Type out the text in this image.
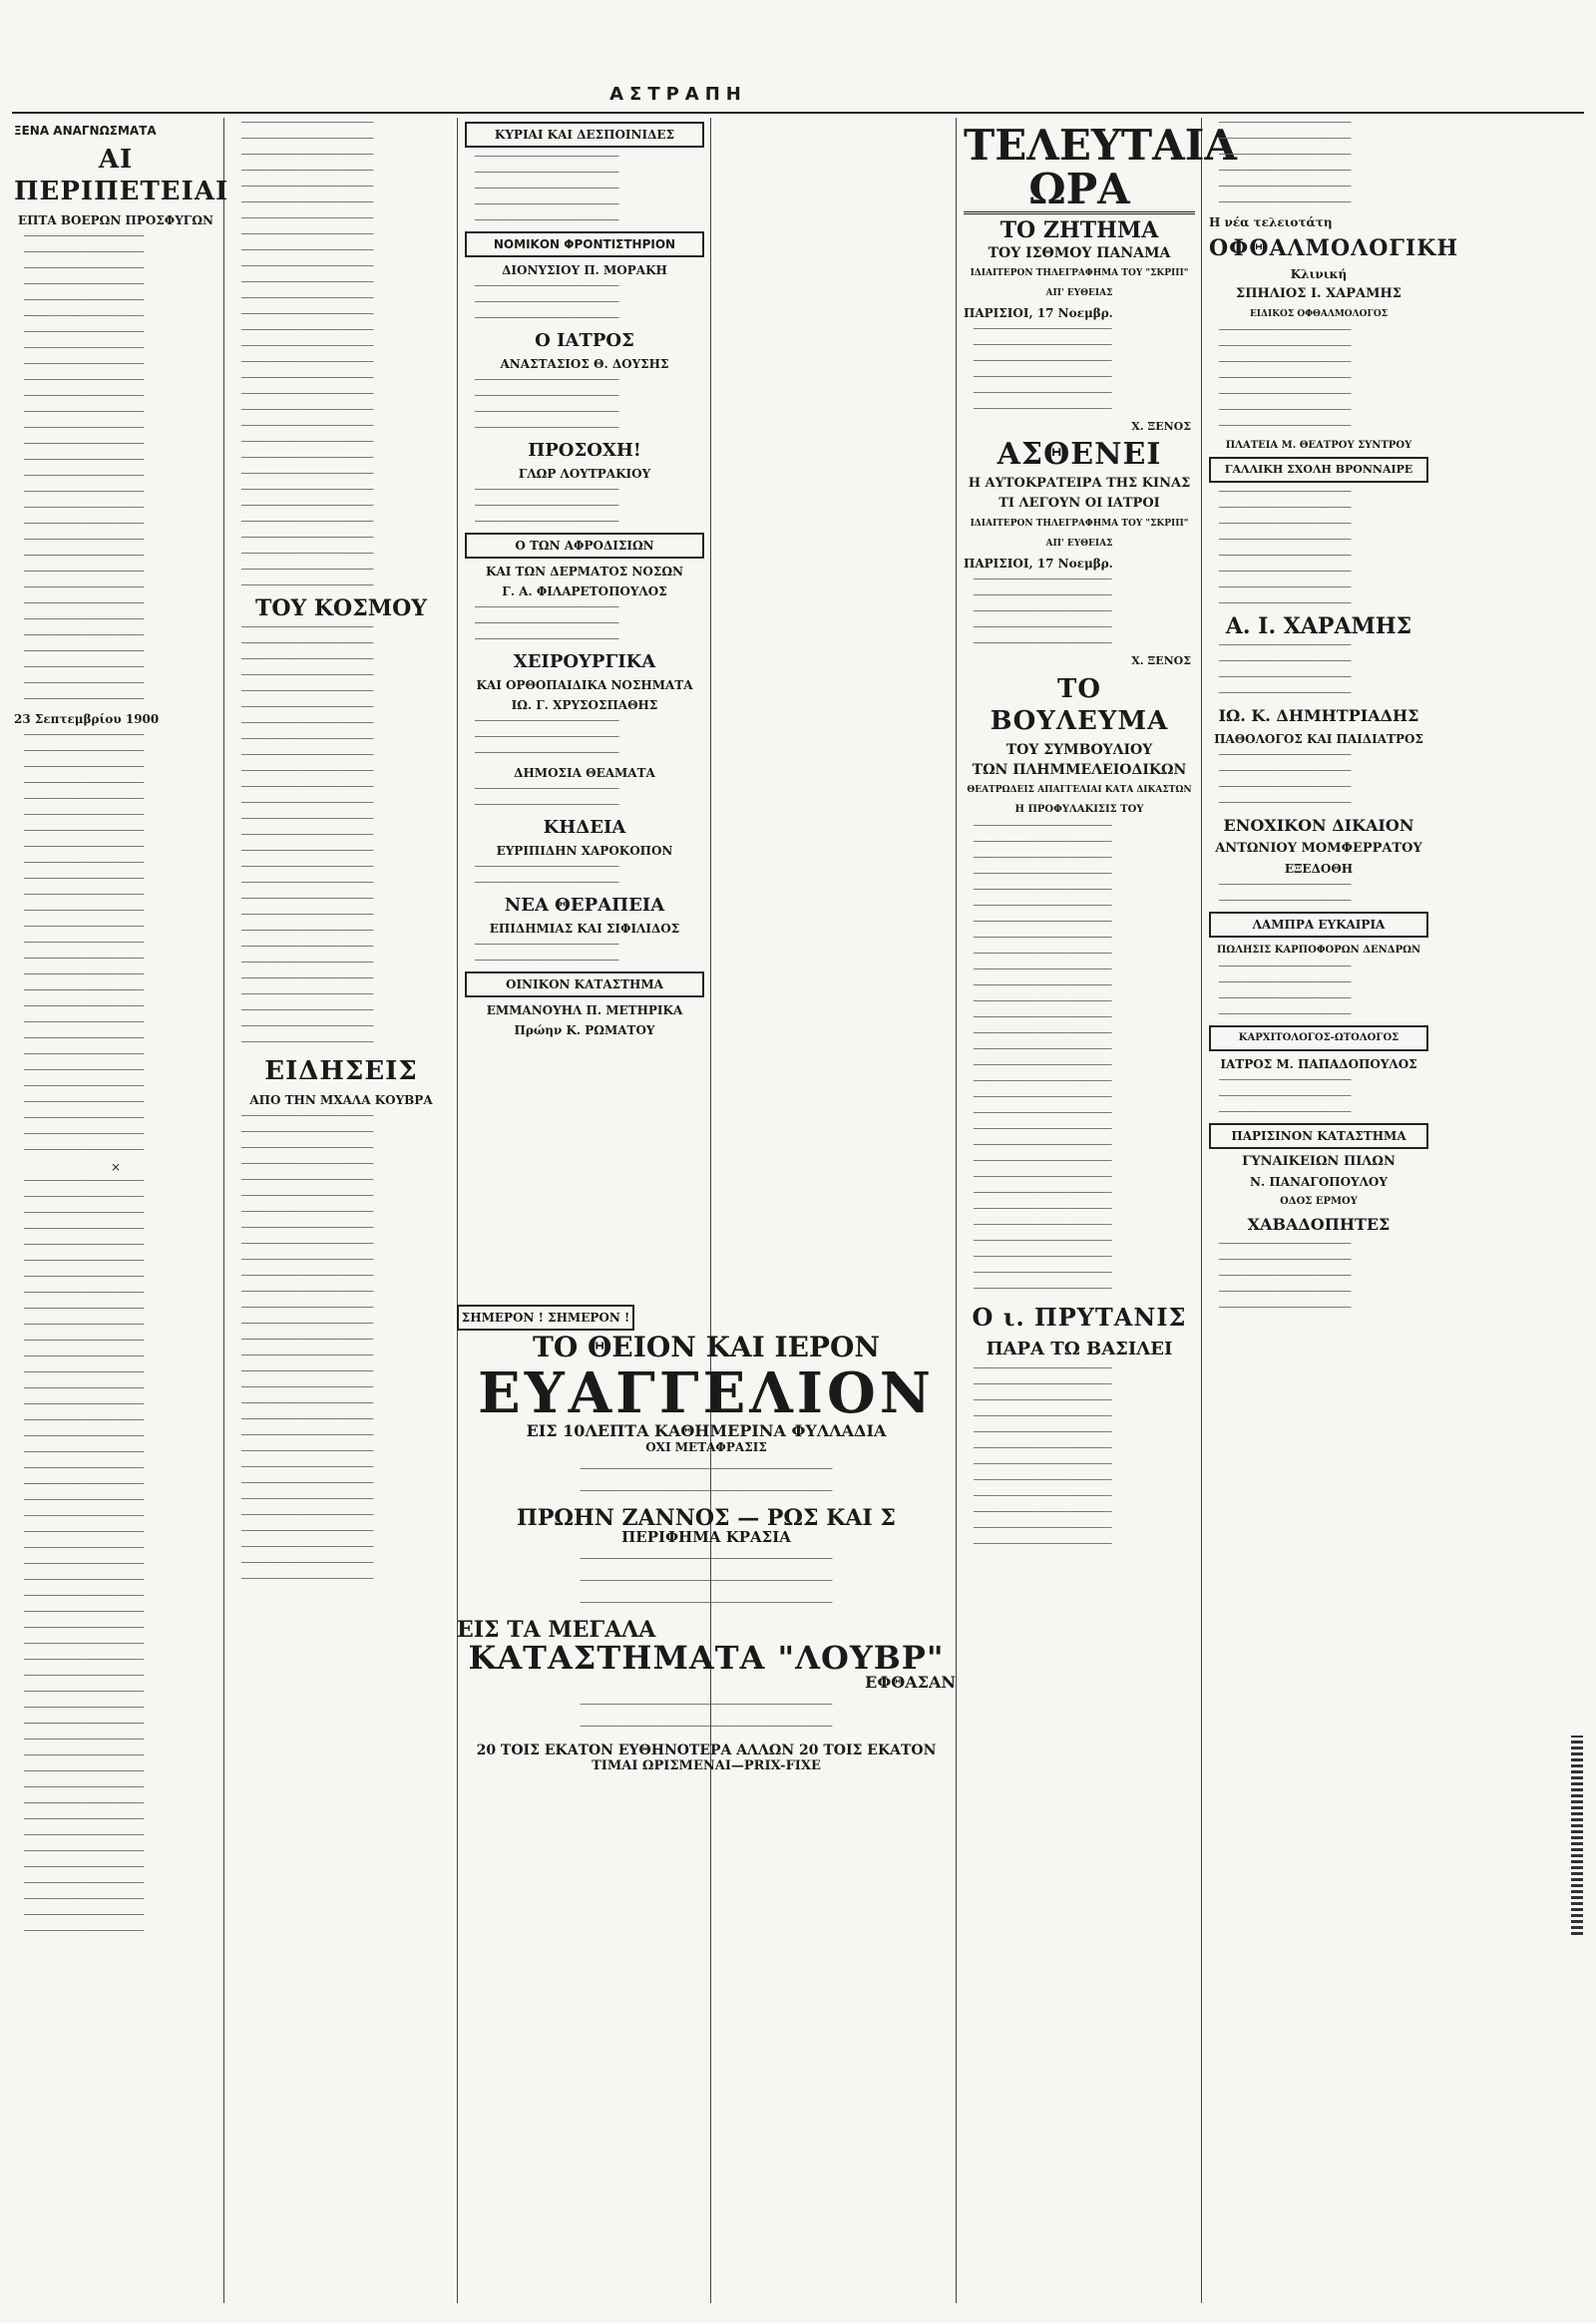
ΑΣΤΡΑΠΗ
ΞΕΝΑ ΑΝΑΓΝΩΣΜΑΤΑ
ΑΙ ΠΕΡΙΠΕΤΕΙΑΙ
ΕΠΤΑ ΒΟΕΡΩΝ ΠΡΟΣΦΥΓΩΝ

────────────────────

────────────────────

────────────────────

────────────────────

────────────────────

────────────────────

────────────────────

────────────────────

────────────────────

────────────────────

────────────────────

────────────────────

────────────────────

────────────────────

────────────────────

────────────────────

────────────────────

────────────────────

────────────────────

────────────────────

────────────────────

────────────────────

────────────────────

────────────────────

────────────────────

────────────────────

────────────────────

────────────────────

────────────────────

────────────────────

23 Σεπτεμβρίου 1900

────────────────────

────────────────────

────────────────────

────────────────────

────────────────────

────────────────────

────────────────────

────────────────────

────────────────────

────────────────────

────────────────────

────────────────────

────────────────────

────────────────────

────────────────────

────────────────────

────────────────────

────────────────────

────────────────────

────────────────────

────────────────────

────────────────────

────────────────────

────────────────────

────────────────────

────────────────────

────────────────────

×

────────────────────

────────────────────

────────────────────

────────────────────

────────────────────

────────────────────

────────────────────

────────────────────

────────────────────

────────────────────

────────────────────

────────────────────

────────────────────

────────────────────

────────────────────

────────────────────

────────────────────

────────────────────

────────────────────

────────────────────

────────────────────

────────────────────

────────────────────

────────────────────

────────────────────

────────────────────

────────────────────

────────────────────

────────────────────

────────────────────

────────────────────

────────────────────

────────────────────

────────────────────

────────────────────

────────────────────

────────────────────

────────────────────

────────────────────

────────────────────

────────────────────

────────────────────

────────────────────

────────────────────

────────────────────

────────────────────

────────────────────

────────────────────

──────────────────────

──────────────────────

──────────────────────

──────────────────────

──────────────────────

──────────────────────

──────────────────────

──────────────────────

──────────────────────

──────────────────────

──────────────────────

──────────────────────

──────────────────────

──────────────────────

──────────────────────

──────────────────────

──────────────────────

──────────────────────

──────────────────────

──────────────────────

──────────────────────

──────────────────────

──────────────────────

──────────────────────

──────────────────────

──────────────────────

──────────────────────

──────────────────────

──────────────────────

──────────────────────

ΤΟΥ ΚΟΣΜΟΥ

──────────────────────

──────────────────────

──────────────────────

──────────────────────

──────────────────────

──────────────────────

──────────────────────

──────────────────────

──────────────────────

──────────────────────

──────────────────────

──────────────────────

──────────────────────

──────────────────────

──────────────────────

──────────────────────

──────────────────────

──────────────────────

──────────────────────

──────────────────────

──────────────────────

──────────────────────

──────────────────────

──────────────────────

──────────────────────

──────────────────────

──────────────────────

ΕΙΔΗΣΕΙΣ
ΑΠΟ ΤΗΝ ΜΧΑΛΑ ΚΟΥΒΡΑ

──────────────────────

──────────────────────

──────────────────────

──────────────────────

──────────────────────

──────────────────────

──────────────────────

──────────────────────

──────────────────────

──────────────────────

──────────────────────

──────────────────────

──────────────────────

──────────────────────

──────────────────────

──────────────────────

──────────────────────

──────────────────────

──────────────────────

──────────────────────

──────────────────────

──────────────────────

──────────────────────

──────────────────────

──────────────────────

──────────────────────

──────────────────────

──────────────────────

──────────────────────

──────────────────────

ΚΥΡΙΑΙ ΚΑΙ ΔΕΣΠΟΙΝΙΔΕΣ

────────────────────────

────────────────────────

────────────────────────

────────────────────────

────────────────────────

ΝΟΜΙΚΟΝ ΦΡΟΝΤΙΣΤΗΡΙΟΝ
ΔΙΟΝΥΣΙΟΥ Π. ΜΟΡΑΚΗ

────────────────────────

────────────────────────

────────────────────────

Ο ΙΑΤΡΟΣ
ΑΝΑΣΤΑΣΙΟΣ Θ. ΔΟΥΣΗΣ

────────────────────────

────────────────────────

────────────────────────

────────────────────────

ΠΡΟΣΟΧΗ!
ΓΛΩΡ ΛΟΥΤΡΑΚΙΟΥ

────────────────────────

────────────────────────

────────────────────────

Ο ΤΩΝ ΑΦΡΟΔΙΣΙΩΝ
ΚΑΙ ΤΩΝ ΔΕΡΜΑΤΟΣ ΝΟΣΩΝ
Γ. Α. ΦΙΛΑΡΕΤΟΠΟΥΛΟΣ

────────────────────────

────────────────────────

────────────────────────

ΧΕΙΡΟΥΡΓΙΚΑ
ΚΑΙ ΟΡΘΟΠΑΙΔΙΚΑ ΝΟΣΗΜΑΤΑ
ΙΩ. Γ. ΧΡΥΣΟΣΠΑΘΗΣ

────────────────────────

────────────────────────

────────────────────────

ΔΗΜΟΣΙΑ ΘΕΑΜΑΤΑ

────────────────────────

────────────────────────

ΚΗΔΕΙΑ
ΕΥΡΙΠΙΔΗΝ ΧΑΡΟΚΟΠΟΝ

────────────────────────

────────────────────────

ΝΕΑ ΘΕΡΑΠΕΙΑ
ΕΠΙΔΗΜΙΑΣ ΚΑΙ ΣΙΦΙΛΙΔΟΣ

────────────────────────

────────────────────────

ΟΙΝΙΚΟΝ ΚΑΤΑΣΤΗΜΑ
ΕΜΜΑΝΟΥΗΛ Π. ΜΕΤΗΡΙΚΑ
Πρώην Κ. ΡΩΜΑΤΟΥ
ΣΗΜΕΡΟΝ ! ΣΗΜΕΡΟΝ !
ΤΟ ΘΕΙΟΝ ΚΑΙ ΙΕΡΟΝ
ΕΥΑΓΓΕΛΙΟΝ
ΕΙΣ 10ΛΕΠΤΑ ΚΑΘΗΜΕΡΙΝΑ ΦΥΛΛΑΔΙΑ
ΟΧΙ ΜΕΤΑΦΡΑΣΙΣ

──────────────────────────────────────────

──────────────────────────────────────────

ΠΡΩΗΝ ΖΑΝΝΟΣ — ΡΩΣ ΚΑΙ Σ
ΠΕΡΙΦΗΜΑ ΚΡΑΣΙΑ

──────────────────────────────────────────

──────────────────────────────────────────

──────────────────────────────────────────

ΕΙΣ ΤΑ ΜΕΓΑΛΑ
ΚΑΤΑΣΤΗΜΑΤΑ "ΛΟΥΒΡ"
ΕΦΘΑΣΑΝ

──────────────────────────────────────────

──────────────────────────────────────────

20 ΤΟΙΣ ΕΚΑΤΟΝ ΕΥΘΗΝΟΤΕΡΑ ΑΛΛΩΝ 20 ΤΟΙΣ ΕΚΑΤΟΝ
ΤΙΜΑΙ ΩΡΙΣΜΕΝΑΙ—PRIX-FIXE
ΤΕΛΕΥΤΑΙΑ ΩΡΑ
ΤΟ ΖΗΤΗΜΑ
ΤΟΥ ΙΣΘΜΟΥ ΠΑΝΑΜΑ
ΙΔΙΑΙΤΕΡΟΝ ΤΗΛΕΓΡΑΦΗΜΑ ΤΟΥ "ΣΚΡΙΠ"
ΑΠ' ΕΥΘΕΙΑΣ
ΠΑΡΙΣΙΟΙ, 17 Νοεμβρ.

───────────────────────

───────────────────────

───────────────────────

───────────────────────

───────────────────────

───────────────────────

Χ. ΞΕΝΟΣ
ΑΣΘΕΝΕΙ
Η ΑΥΤΟΚΡΑΤΕΙΡΑ ΤΗΣ ΚΙΝΑΣ
ΤΙ ΛΕΓΟΥΝ ΟΙ ΙΑΤΡΟΙ
ΙΔΙΑΙΤΕΡΟΝ ΤΗΛΕΓΡΑΦΗΜΑ ΤΟΥ "ΣΚΡΙΠ"
ΑΠ' ΕΥΘΕΙΑΣ
ΠΑΡΙΣΙΟΙ, 17 Νοεμβρ.

───────────────────────

───────────────────────

───────────────────────

───────────────────────

───────────────────────

Χ. ΞΕΝΟΣ
ΤΟ ΒΟΥΛΕΥΜΑ
ΤΟΥ ΣΥΜΒΟΥΛΙΟΥ
ΤΩΝ ΠΛΗΜΜΕΛΕΙΟΔΙΚΩΝ
ΘΕΑΤΡΩΔΕΙΣ ΑΠΑΓΓΕΛΙΑΙ ΚΑΤΑ ΔΙΚΑΣΤΩΝ
Η ΠΡΟΦΥΛΑΚΙΣΙΣ ΤΟΥ

───────────────────────

───────────────────────

───────────────────────

───────────────────────

───────────────────────

───────────────────────

───────────────────────

───────────────────────

───────────────────────

───────────────────────

───────────────────────

───────────────────────

───────────────────────

───────────────────────

───────────────────────

───────────────────────

───────────────────────

───────────────────────

───────────────────────

───────────────────────

───────────────────────

───────────────────────

───────────────────────

───────────────────────

───────────────────────

───────────────────────

───────────────────────

───────────────────────

───────────────────────

───────────────────────

Ο ι. ΠΡΥΤΑΝΙΣ
ΠΑΡΑ ΤΩ ΒΑΣΙΛΕΙ

───────────────────────

───────────────────────

───────────────────────

───────────────────────

───────────────────────

───────────────────────

───────────────────────

───────────────────────

───────────────────────

───────────────────────

───────────────────────

───────────────────────

──────────────────────

──────────────────────

──────────────────────

──────────────────────

──────────────────────

──────────────────────

Η νέα τελειοτάτη
ΟΦΘΑΛΜΟΛΟΓΙΚΗ
Κλινική
ΣΠΗΛΙΟΣ Ι. ΧΑΡΑΜΗΣ
ΕΙΔΙΚΟΣ ΟΦΘΑΛΜΟΛΟΓΟΣ

──────────────────────

──────────────────────

──────────────────────

──────────────────────

──────────────────────

──────────────────────

──────────────────────

ΠΛΑΤΕΙΑ Μ. ΘΕΑΤΡΟΥ ΣΥΝΤΡΟΥ
ΓΑΛΛΙΚΗ ΣΧΟΛΗ ΒΡΟΝΝΑΙΡΕ

──────────────────────

──────────────────────

──────────────────────

──────────────────────

──────────────────────

──────────────────────

──────────────────────

──────────────────────

Α. Ι. ΧΑΡΑΜΗΣ

──────────────────────

──────────────────────

──────────────────────

──────────────────────

ΙΩ. Κ. ΔΗΜΗΤΡΙΑΔΗΣ
ΠΑΘΟΛΟΓΟΣ ΚΑΙ ΠΑΙΔΙΑΤΡΟΣ

──────────────────────

──────────────────────

──────────────────────

──────────────────────

ΕΝΟΧΙΚΟΝ ΔΙΚΑΙΟΝ
ΑΝΤΩΝΙΟΥ ΜΟΜΦΕΡΡΑΤΟΥ
ΕΞΕΔΟΘΗ

──────────────────────

──────────────────────

ΛΑΜΠΡΑ ΕΥΚΑΙΡΙΑ
ΠΩΛΗΣΙΣ ΚΑΡΠΟΦΟΡΩΝ ΔΕΝΔΡΩΝ

──────────────────────

──────────────────────

──────────────────────

──────────────────────

ΚΑΡΧΙΤΟΛΟΓΟΣ-ΩΤΟΛΟΓΟΣ
ΙΑΤΡΟΣ Μ. ΠΑΠΑΔΟΠΟΥΛΟΣ

──────────────────────

──────────────────────

──────────────────────

ΠΑΡΙΣΙΝΟΝ ΚΑΤΑΣΤΗΜΑ
ΓΥΝΑΙΚΕΙΩΝ ΠΙΛΩΝ
Ν. ΠΑΝΑΓΟΠΟΥΛΟΥ
ΟΔΟΣ ΕΡΜΟΥ
ΧΑΒΑΔΟΠΗΤΕΣ

──────────────────────

──────────────────────

──────────────────────

──────────────────────

──────────────────────
